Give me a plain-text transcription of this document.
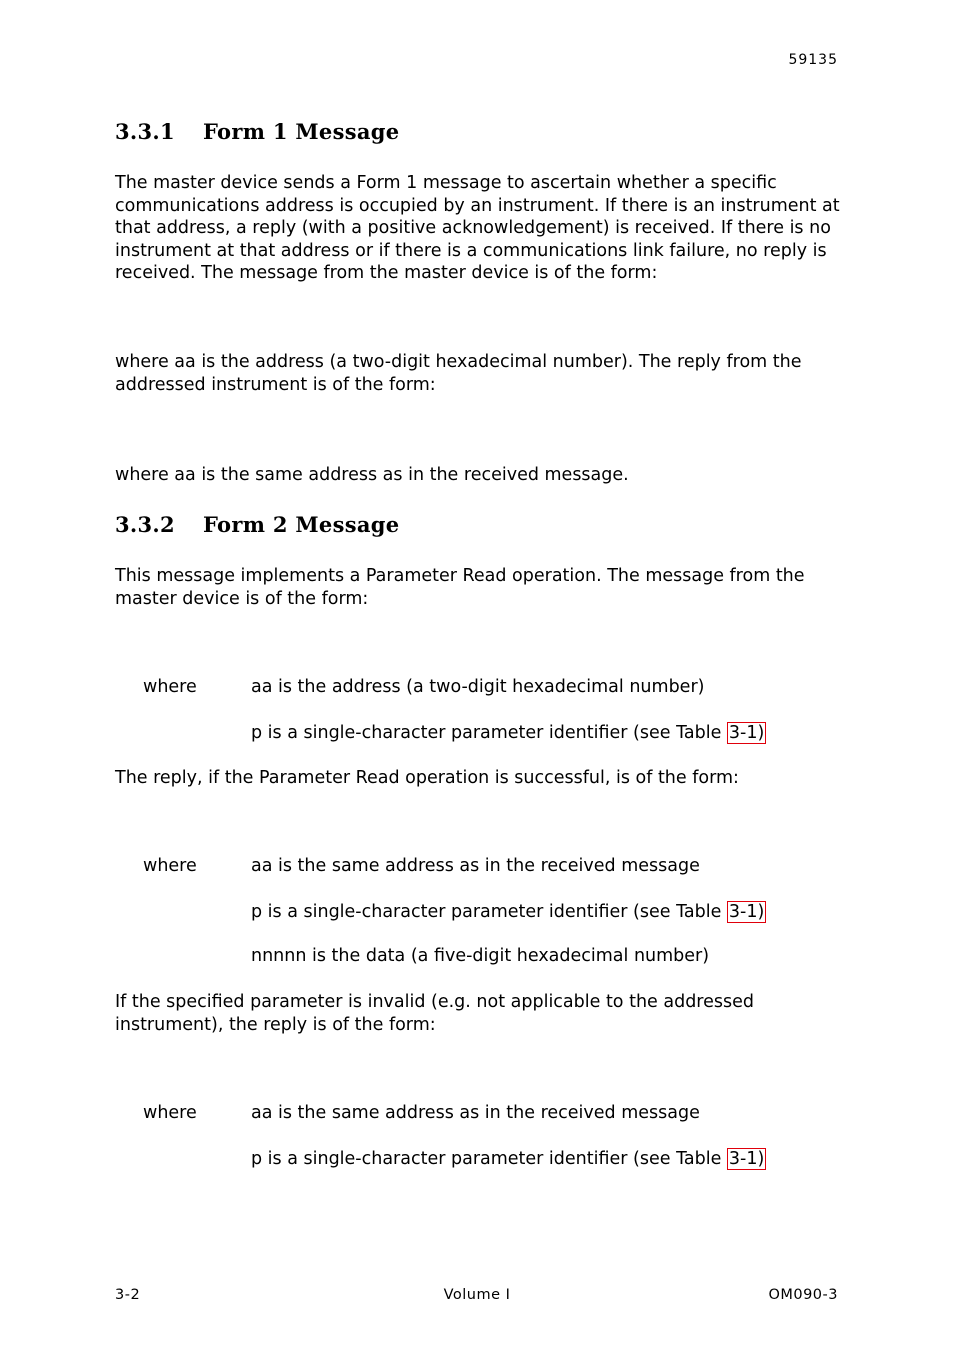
59135
3.3.1 Form 1 Message
The master device sends a Form 1 message to ascertain whether a specific communications address is occupied by an instrument. If there is an instrument at that address, a reply (with a positive acknowledgement) is received. If there is no instrument at that address or if there is a communications link failure, no reply is received. The message from the master device is of the form:
where aa is the address (a two-digit hexadecimal number). The reply from the addressed instrument is of the form:
where aa is the same address as in the received message.
3.3.2 Form 2 Message
This message implements a Parameter Read operation. The message from the master device is of the form:
where	aa is the address (a two-digit hexadecimal number)
p is a single-character parameter identifier (see Table 3-1)
The reply, if the Parameter Read operation is successful, is of the form:
where	aa is the same address as in the received message
p is a single-character parameter identifier (see Table 3-1)
nnnnn is the data (a five-digit hexadecimal number)
If the specified parameter is invalid (e.g. not applicable to the addressed instrument), the reply is of the form:
where	aa is the same address as in the received message
p is a single-character parameter identifier (see Table 3-1)
3-2	Volume I	OM090-3
